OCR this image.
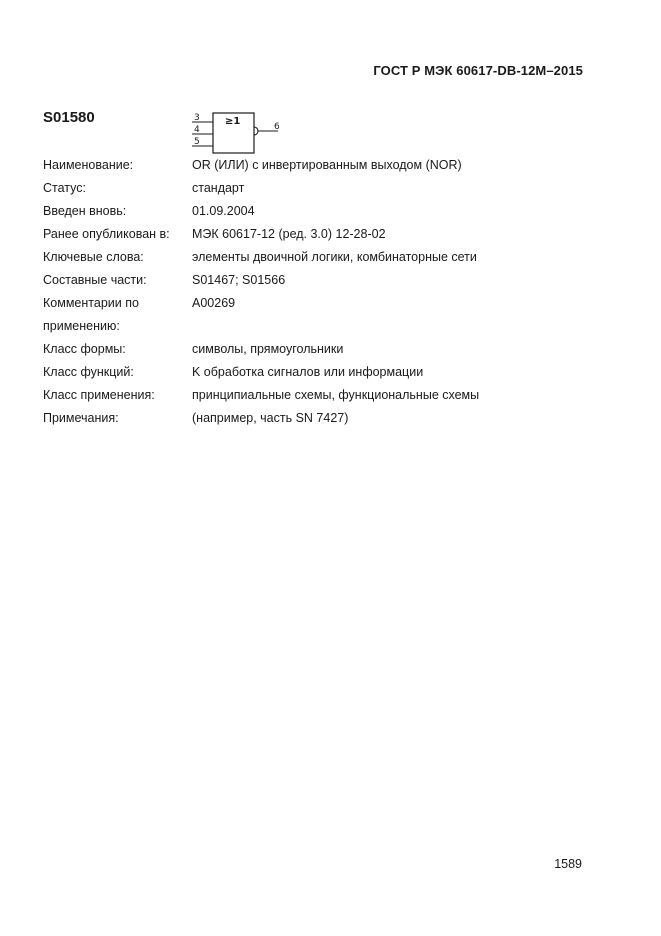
ГОСТ Р МЭК 60617-DB-12M–2015
S01580	≥1
3
4
5
6
Наименование:	OR (ИЛИ) с инвертированным выходом (NOR)
Статус:	стандарт
Введен вновь:	01.09.2004
Ранее опубликован в:	МЭК 60617-12 (ред. 3.0) 12-28-02
Ключевые слова:	элементы двоичной логики, комбинаторные сети
Составные части:	S01467; S01566
Комментарии по	A00269
применению:
Класс формы:	символы, прямоугольники
Класс функций:	K обработка сигналов или информации
Класс применения:	принципиальные схемы, функциональные схемы
Примечания:	(например, часть SN 7427)
1589
